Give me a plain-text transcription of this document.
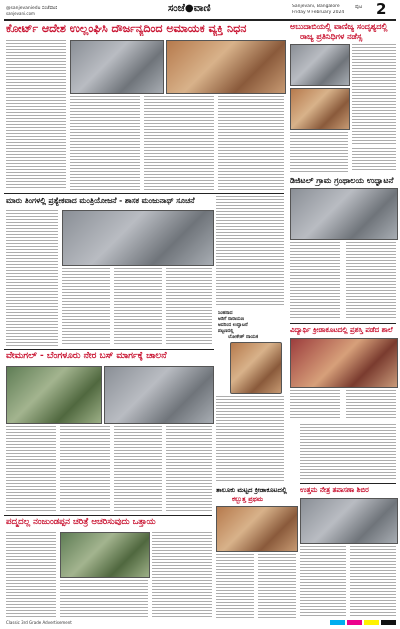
@sanjevaniedu ಸಂಜೆವಾಣಿ
sanjevani.com	ಸಂಜೆ●ವಾಣಿ	Sanjevani, Bangalore
Friday 9 February 2024
ಪುಟ 2
ಕೋರ್ಟ್ ಆದೇಶ ಉಲ್ಲಂಘಿಸಿ ದೌರ್ಜನ್ಯದಿಂದ ಅಮಾಯಕ ವ್ಯಕ್ತಿ ನಿಧನ	ಅಬುದಾಬಿಯಲ್ಲಿ ವಾಣಿಜ್ಯ ಸಂದೃಶ್ಯದಲ್ಲಿ
ರಾಜ್ಯ ಪ್ರತಿನಿಧಿಗಳ ನಡೆಸ್ಸ
ಡಿಜಿಟಲ್ ಗ್ರಾಮ ಗ್ರಂಥಾಲಯ ಉದ್ಘಾಟನೆ
ಮಾರು ತಿಂಗಳಲ್ಲಿ ಪ್ರತ್ಯೇಕವಾದ ಮಂತ್ರಿಯೋಜನೆ - ಶಾಸಕ ಮಂಜುನಾಥ್ ಸೂಚನೆ
ಸಿಂಹನಾದ
ಅಡಿಗೆ ನಾರಾಯಣ
ಅವರಿಂದ ಉದ್ಘಾಟನೆ
ಪಟ್ಟಣದಲ್ಲಿ
ಲೋಕೇಶ್ ನಾಯಕ
ವಿದ್ಯಾರ್ಥಿ ಕ್ರೀಡಾಕೂಟದಲ್ಲಿ ಪ್ರಶಸ್ತಿ ಪಡೆದ ಶಾಲೆ
ವೇಮಗಲ್ - ಬೆಂಗಳೂರು ನೇರ ಬಸ್ ಮಾರ್ಗಕ್ಕೆ ಚಾಲನೆ
ತಾಲೂಕು ಮಟ್ಟದ ಕ್ರೀಡಾಕೂಟದಲ್ಲಿ
ಕಲ್ಬುತ್ತ ಪ್ರಥಮ
ಉತ್ತಮ ನೇತ್ರ ತಪಾಸಣಾ ಶಿಬಿರ
ಪದ್ಮದಲ್ಲ ನಂಜುಂಡಪ್ಪನ ಚರಿತ್ರೆ ಆಚರಿಸುವುದು ಒತ್ತಾಯ
Classic 3rd Grade Advertisement
